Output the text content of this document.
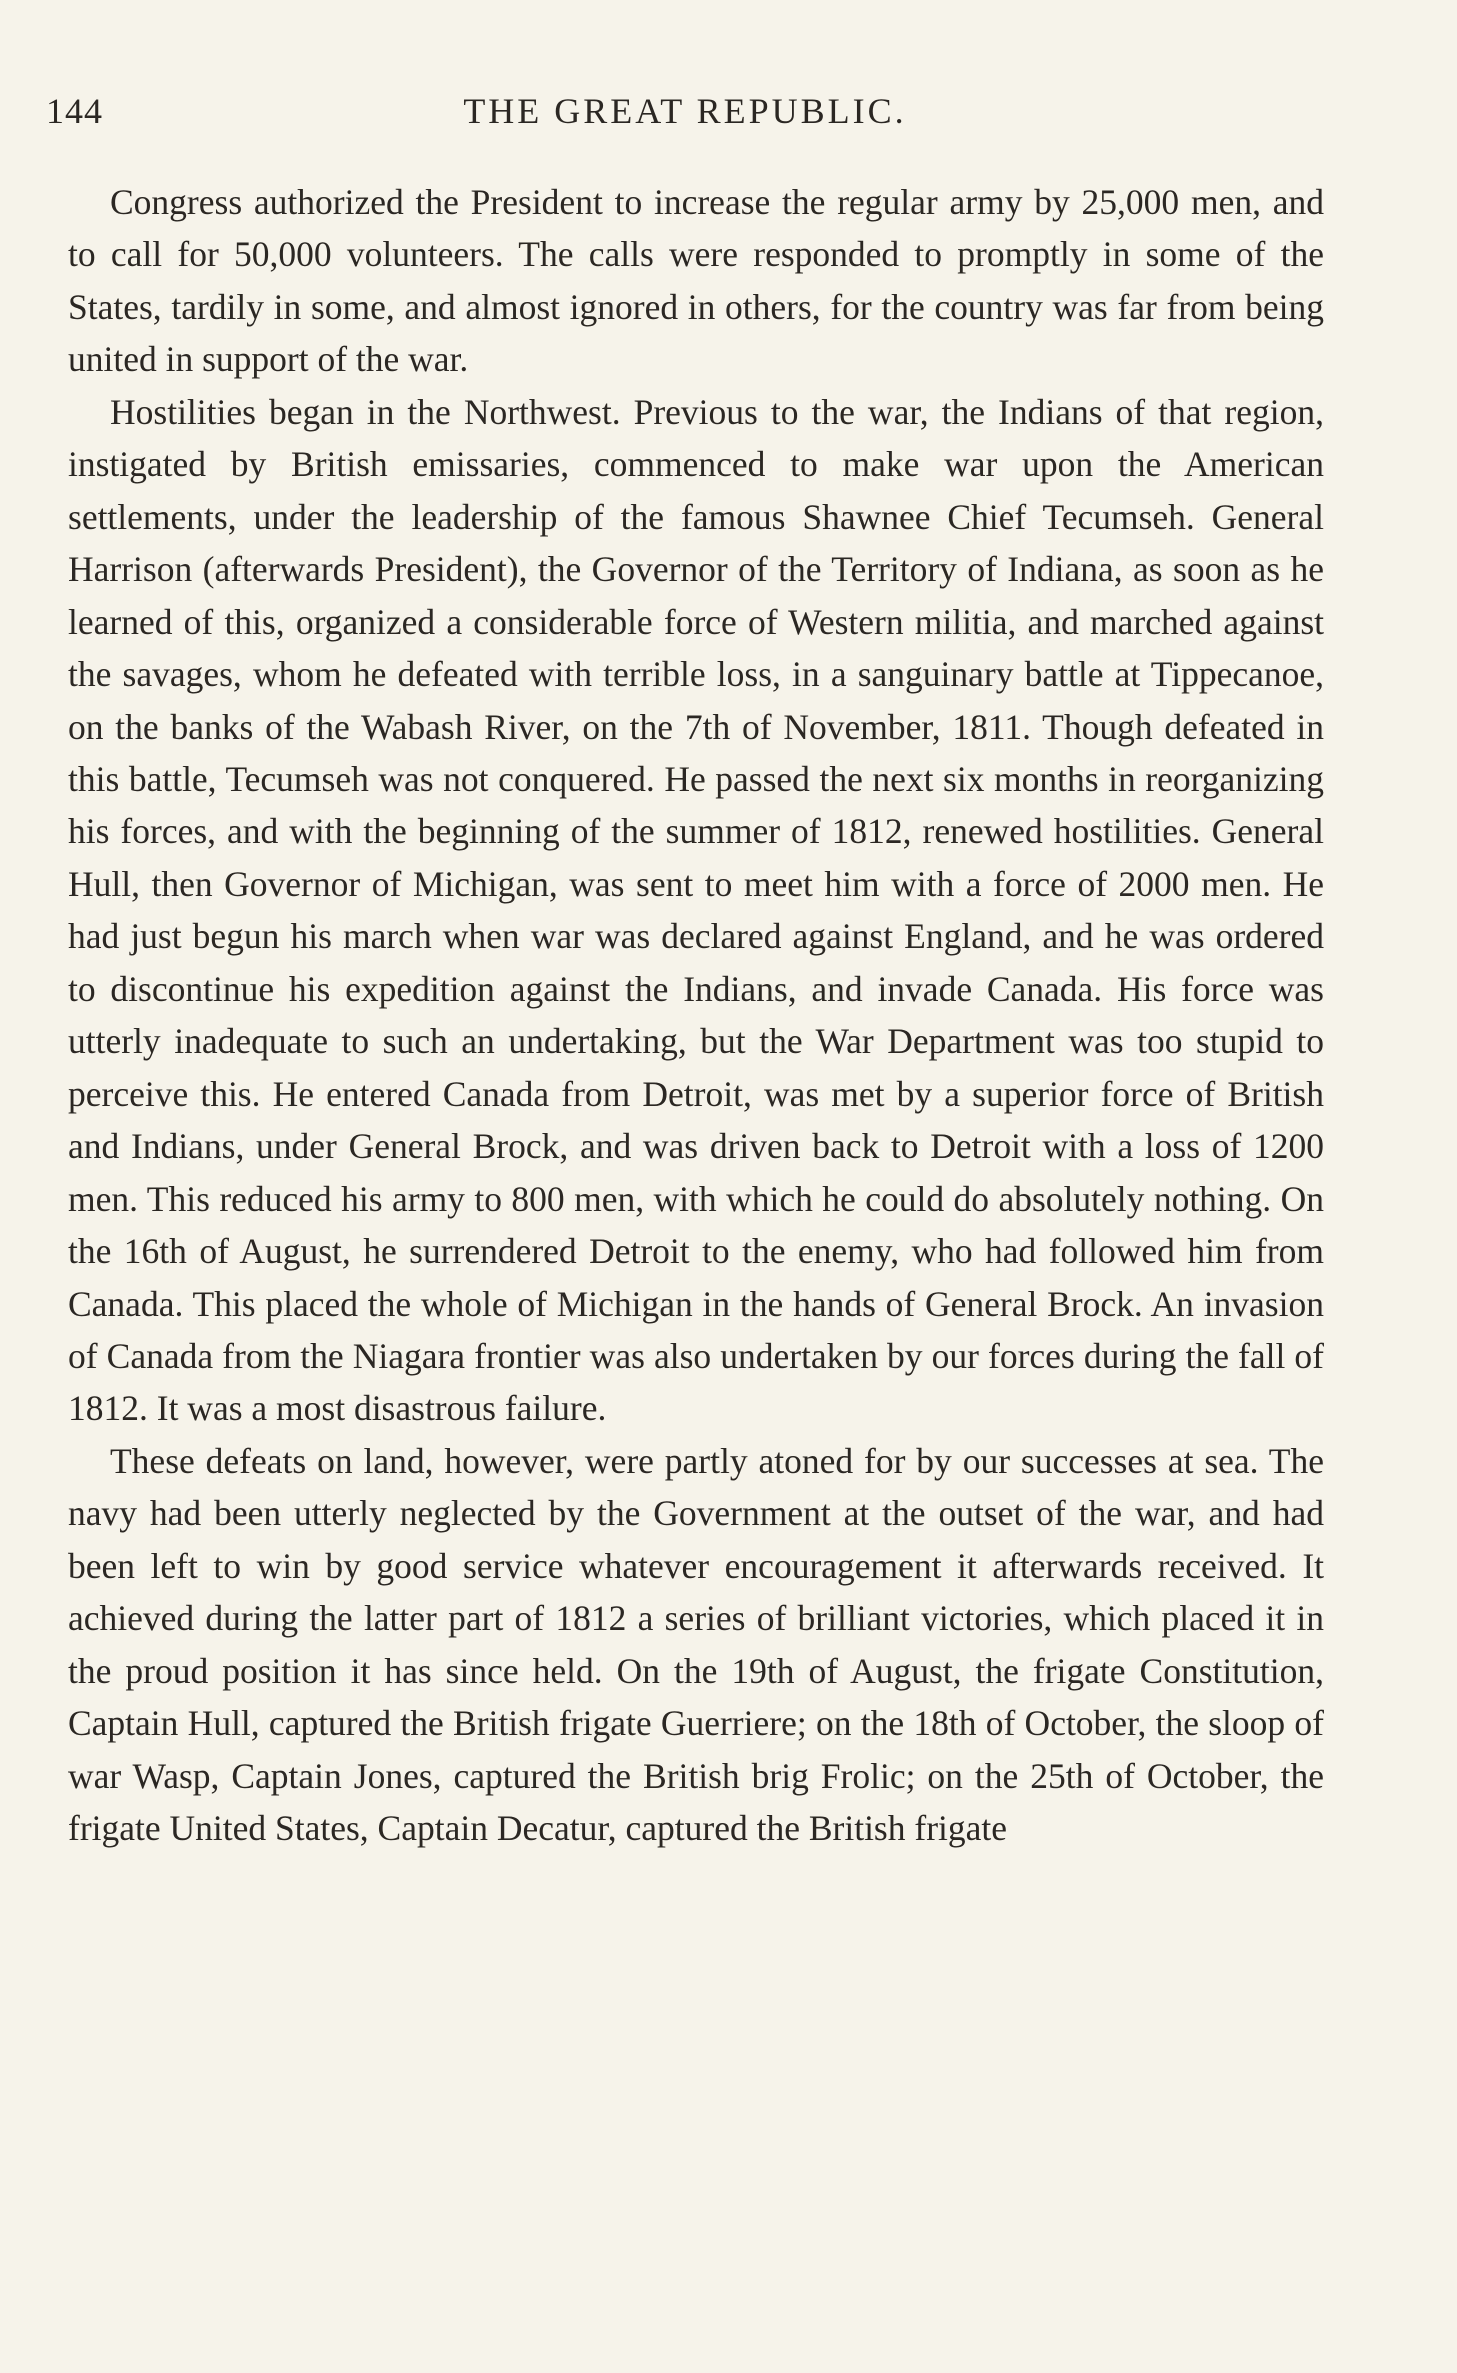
144	THE GREAT REPUBLIC.

Congress authorized the President to increase the regular army by 25,000 men, and to call for 50,000 volunteers. The calls were responded to promptly in some of the States, tardily in some, and almost ignored in others, for the country was far from being united in support of the war.

Hostilities began in the Northwest. Previous to the war, the Indians of that region, instigated by British emissaries, commenced to make war upon the American settlements, under the leadership of the famous Shawnee Chief Tecumseh. General Harrison (afterwards President), the Governor of the Territory of Indiana, as soon as he learned of this, organized a considerable force of Western militia, and marched against the savages, whom he defeated with terrible loss, in a sanguinary battle at Tippecanoe, on the banks of the Wabash River, on the 7th of November, 1811. Though defeated in this battle, Tecumseh was not conquered. He passed the next six months in reorganizing his forces, and with the beginning of the summer of 1812, renewed hostilities. General Hull, then Governor of Michigan, was sent to meet him with a force of 2000 men. He had just begun his march when war was declared against England, and he was ordered to discontinue his expedition against the Indians, and invade Canada. His force was utterly inadequate to such an undertaking, but the War Department was too stupid to perceive this. He entered Canada from Detroit, was met by a superior force of British and Indians, under General Brock, and was driven back to Detroit with a loss of 1200 men. This reduced his army to 800 men, with which he could do absolutely nothing. On the 16th of August, he surrendered Detroit to the enemy, who had followed him from Canada. This placed the whole of Michigan in the hands of General Brock. An invasion of Canada from the Niagara frontier was also undertaken by our forces during the fall of 1812. It was a most disastrous failure.

These defeats on land, however, were partly atoned for by our successes at sea. The navy had been utterly neglected by the Government at the outset of the war, and had been left to win by good service whatever encouragement it afterwards received. It achieved during the latter part of 1812 a series of brilliant victories, which placed it in the proud position it has since held. On the 19th of August, the frigate Constitution, Captain Hull, captured the British frigate Guerriere; on the 18th of October, the sloop of war Wasp, Captain Jones, captured the British brig Frolic; on the 25th of October, the frigate United States, Captain Decatur, captured the British frigate
